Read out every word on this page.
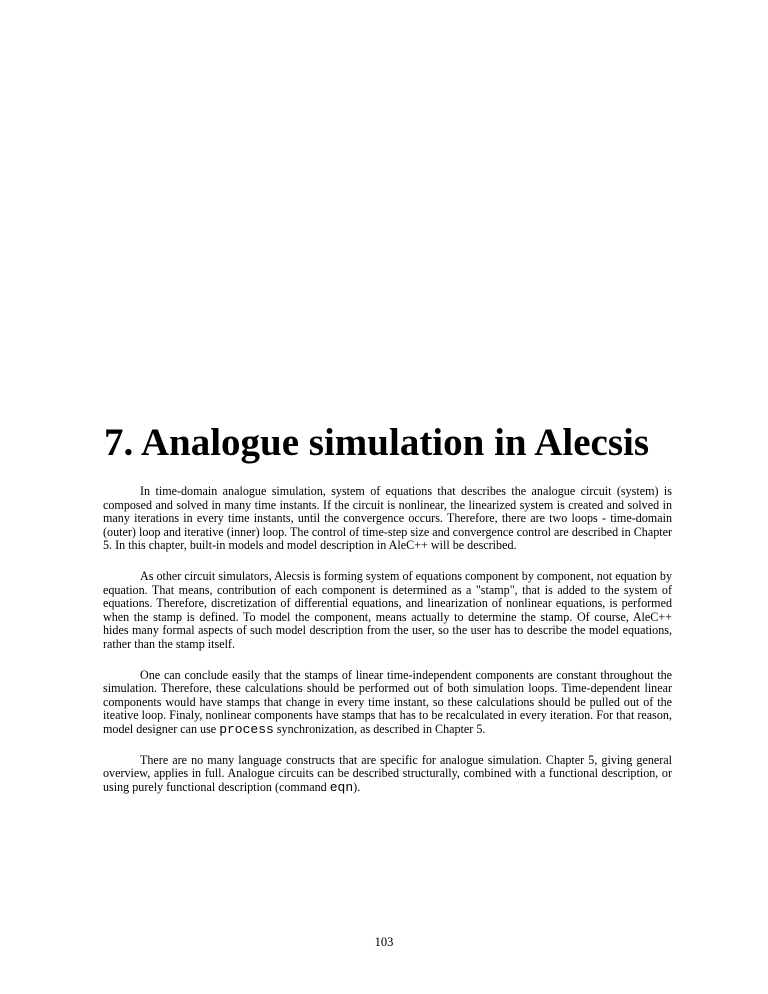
7. Analogue simulation in Alecsis

In time-domain analogue simulation, system of equations that describes the analogue circuit (system) is composed and solved in many time instants. If the circuit is nonlinear, the linearized system is created and solved in many iterations in every time instants, until the convergence occurs. Therefore, there are two loops - time-domain (outer) loop and iterative (inner) loop. The control of time-step size and convergence control are described in Chapter 5. In this chapter, built-in models and model description in AleC++ will be described.

As other circuit simulators, Alecsis is forming system of equations component by component, not equation by equation. That means, contribution of each component is determined as a "stamp", that is added to the system of equations. Therefore, discretization of differential equations, and linearization of nonlinear equations, is performed when the stamp is defined. To model the component, means actually to determine the stamp. Of course, AleC++ hides many formal aspects of such model description from the user, so the user has to describe the model equations, rather than the stamp itself.

One can conclude easily that the stamps of linear time-independent components are constant throughout the simulation. Therefore, these calculations should be performed out of both simulation loops. Time-dependent linear components would have stamps that change in every time instant, so these calculations should be pulled out of the iteative loop. Finaly, nonlinear components have stamps that has to be recalculated in every iteration. For that reason, model designer can use process synchronization, as described in Chapter 5.

There are no many language constructs that are specific for analogue simulation. Chapter 5, giving general overview, applies in full. Analogue circuits can be described structurally, combined with a functional description, or using purely functional description (command eqn).

103
